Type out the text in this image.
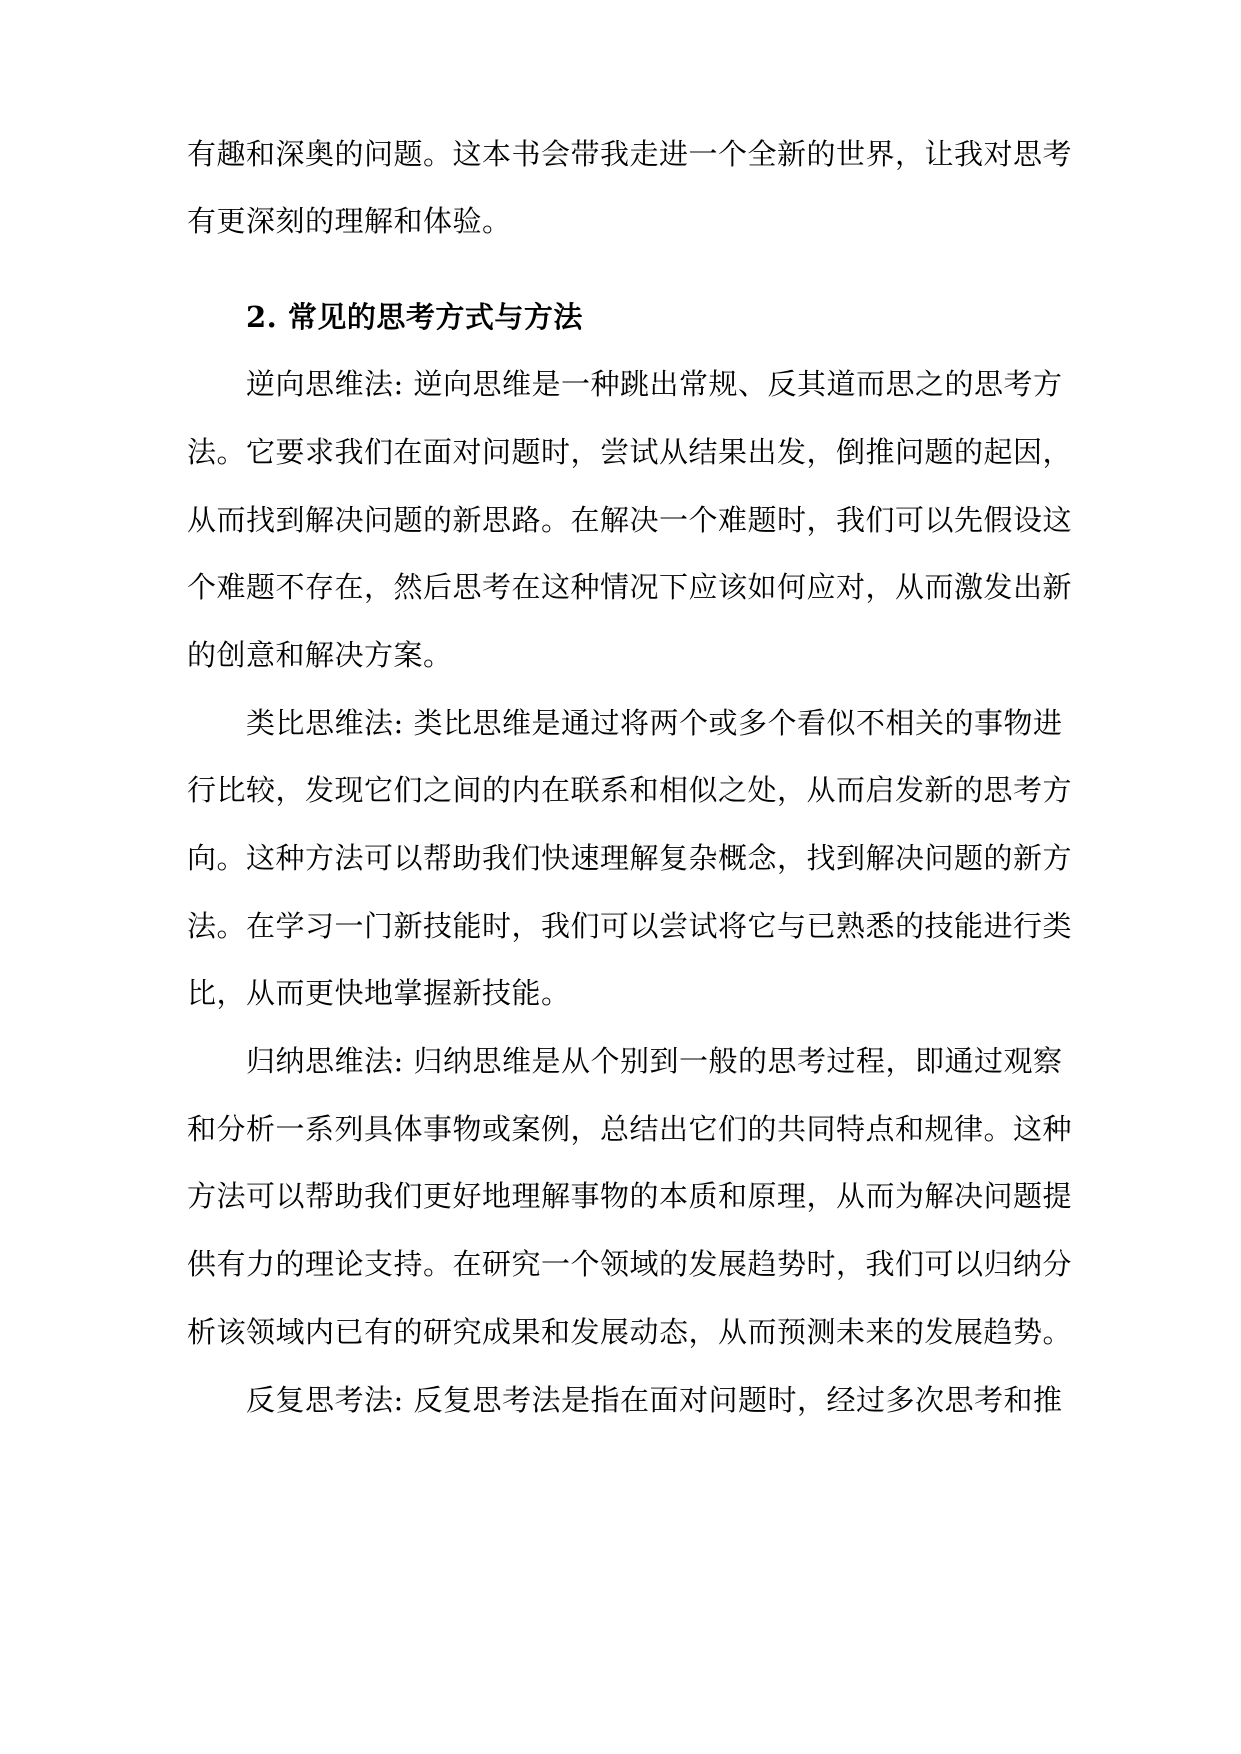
有趣和深奥的问题。这本书会带我走进一个全新的世界，让我对思考
有更深刻的理解和体验。
2. 常见的思考方式与方法
逆向思维法: 逆向思维是一种跳出常规、反其道而思之的思考方
法。它要求我们在面对问题时，尝试从结果出发，倒推问题的起因，
从而找到解决问题的新思路。在解决一个难题时，我们可以先假设这
个难题不存在，然后思考在这种情况下应该如何应对，从而激发出新
的创意和解决方案。
类比思维法: 类比思维是通过将两个或多个看似不相关的事物进
行比较，发现它们之间的内在联系和相似之处，从而启发新的思考方
向。这种方法可以帮助我们快速理解复杂概念，找到解决问题的新方
法。在学习一门新技能时，我们可以尝试将它与已熟悉的技能进行类
比，从而更快地掌握新技能。
归纳思维法: 归纳思维是从个别到一般的思考过程，即通过观察
和分析一系列具体事物或案例，总结出它们的共同特点和规律。这种
方法可以帮助我们更好地理解事物的本质和原理，从而为解决问题提
供有力的理论支持。在研究一个领域的发展趋势时，我们可以归纳分
析该领域内已有的研究成果和发展动态，从而预测未来的发展趋势。
反复思考法: 反复思考法是指在面对问题时，经过多次思考和推
